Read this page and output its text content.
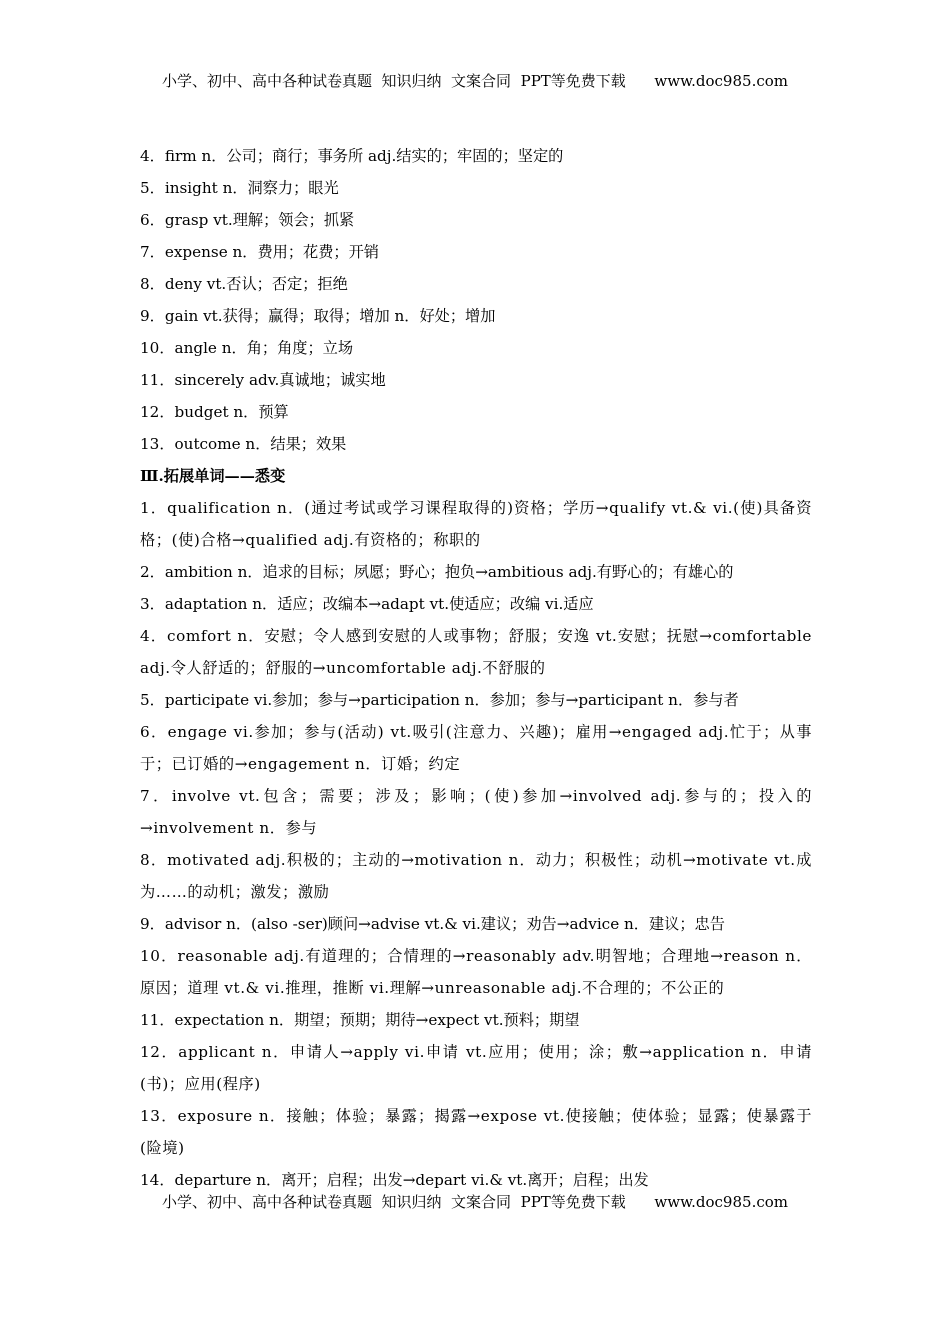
小学、初中、高中各种试卷真题  知识归纳  文案合同  PPT等免费下载      www.doc985.com
4．firm n．公司；商行；事务所 adj.结实的；牢固的；坚定的
5．insight n．洞察力；眼光
6．grasp vt.理解；领会；抓紧
7．expense n．费用；花费；开销
8．deny vt.否认；否定；拒绝
9．gain vt.获得；赢得；取得；增加 n．好处；增加
10．angle n．角；角度；立场
11．sincerely adv.真诚地；诚实地
12．budget n．预算
13．outcome n．结果；效果
Ⅲ.拓展单词——悉变
1．qualification n．(通过考试或学习课程取得的)资格；学历→qualify vt.& vi.(使)具备资格；(使)合格→qualified adj.有资格的；称职的
2．ambition n．追求的目标；夙愿；野心；抱负→ambitious adj.有野心的；有雄心的
3．adaptation n．适应；改编本→adapt vt.使适应；改编 vi.适应
4．comfort n．安慰；令人感到安慰的人或事物；舒服；安逸 vt.安慰；抚慰→comfortable adj.令人舒适的；舒服的→uncomfortable adj.不舒服的
5．participate vi.参加；参与→participation n．参加；参与→participant n．参与者
6．engage vi.参加；参与(活动) vt.吸引(注意力、兴趣)；雇用→engaged adj.忙于；从事于；已订婚的→engagement n．订婚；约定
7．involve vt.包含；需要；涉及；影响；(使)参加→involved adj.参与的；投入的→involvement n．参与
8．motivated adj.积极的；主动的→motivation n．动力；积极性；动机→motivate vt.成为……的动机；激发；激励
9．advisor n．(also -ser)顾问→advise vt.& vi.建议；劝告→advice n．建议；忠告
10．reasonable adj.有道理的；合情理的→reasonably adv.明智地；合理地→reason n．原因；道理 vt.& vi.推理，推断 vi.理解→unreasonable adj.不合理的；不公正的
11．expectation n．期望；预期；期待→expect vt.预料；期望
12．applicant n．申请人→apply vi.申请 vt.应用；使用；涂；敷→application n．申请(书)；应用(程序)
13．exposure n．接触；体验；暴露；揭露→expose vt.使接触；使体验；显露；使暴露于(险境)
14．departure n．离开；启程；出发→depart vi.& vt.离开；启程；出发
小学、初中、高中各种试卷真题  知识归纳  文案合同  PPT等免费下载      www.doc985.com
